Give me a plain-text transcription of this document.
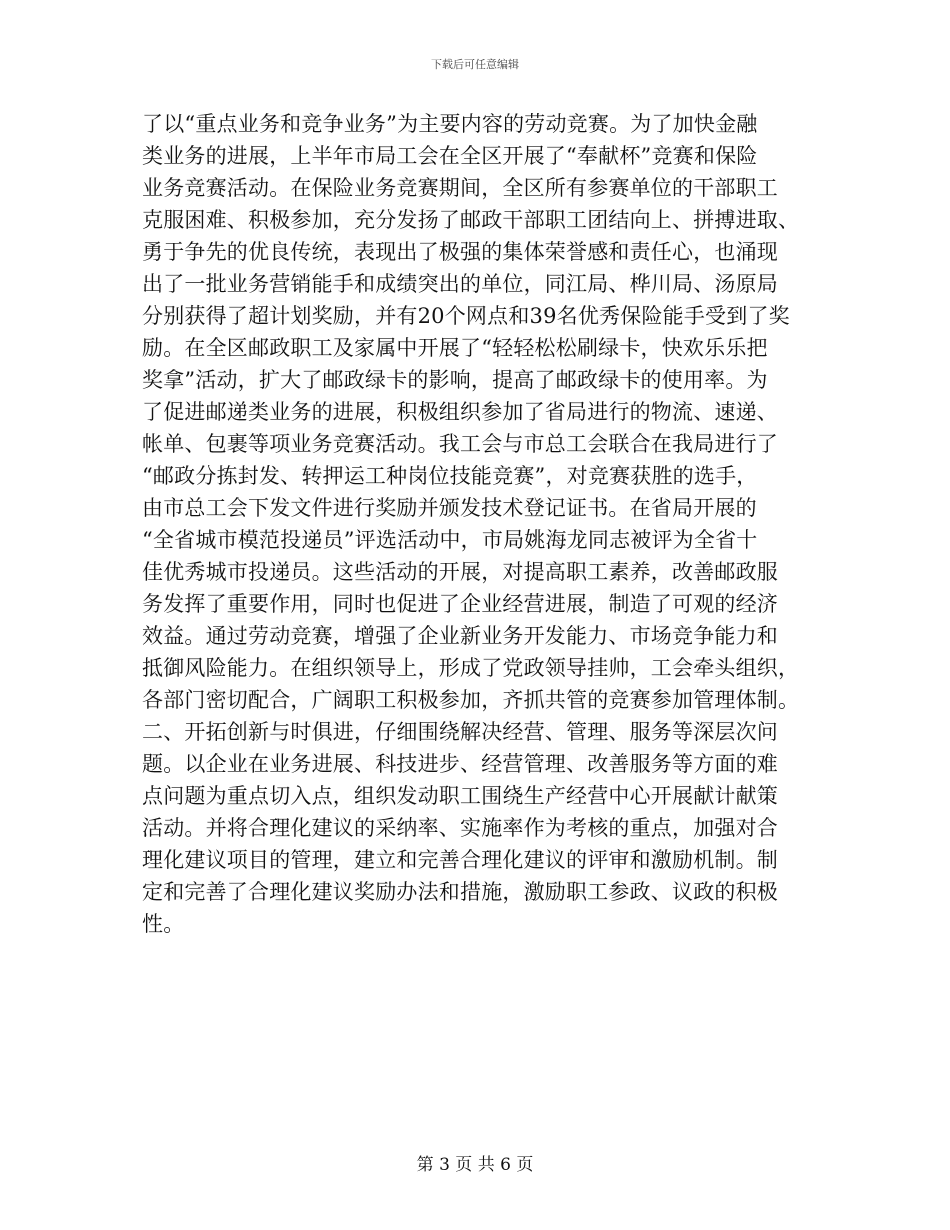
下载后可任意编辑
了以“重点业务和竞争业务”为主要内容的劳动竞赛。为了加快金融
类业务的进展，上半年市局工会在全区开展了“奉献杯”竞赛和保险
业务竞赛活动。在保险业务竞赛期间，全区所有参赛单位的干部职工
克服困难、积极参加，充分发扬了邮政干部职工团结向上、拼搏进取、
勇于争先的优良传统，表现出了极强的集体荣誉感和责任心，也涌现
出了一批业务营销能手和成绩突出的单位，同江局、桦川局、汤原局
分别获得了超计划奖励，并有20个网点和39名优秀保险能手受到了奖
励。在全区邮政职工及家属中开展了“轻轻松松刷绿卡，快欢乐乐把
奖拿”活动，扩大了邮政绿卡的影响，提高了邮政绿卡的使用率。为
了促进邮递类业务的进展，积极组织参加了省局进行的物流、速递、
帐单、包裹等项业务竞赛活动。我工会与市总工会联合在我局进行了
“邮政分拣封发、转押运工种岗位技能竞赛”，对竞赛获胜的选手，
由市总工会下发文件进行奖励并颁发技术登记证书。在省局开展的
“全省城市模范投递员”评选活动中，市局姚海龙同志被评为全省十
佳优秀城市投递员。这些活动的开展，对提高职工素养，改善邮政服
务发挥了重要作用，同时也促进了企业经营进展，制造了可观的经济
效益。通过劳动竞赛，增强了企业新业务开发能力、市场竞争能力和
抵御风险能力。在组织领导上，形成了党政领导挂帅，工会牵头组织，
各部门密切配合，广阔职工积极参加，齐抓共管的竞赛参加管理体制。
二、开拓创新与时俱进，仔细围绕解决经营、管理、服务等深层次问
题。以企业在业务进展、科技进步、经营管理、改善服务等方面的难
点问题为重点切入点，组织发动职工围绕生产经营中心开展献计献策
活动。并将合理化建议的采纳率、实施率作为考核的重点，加强对合
理化建议项目的管理，建立和完善合理化建议的评审和激励机制。制
定和完善了合理化建议奖励办法和措施，激励职工参政、议政的积极
性。
第 3 页 共 6 页
